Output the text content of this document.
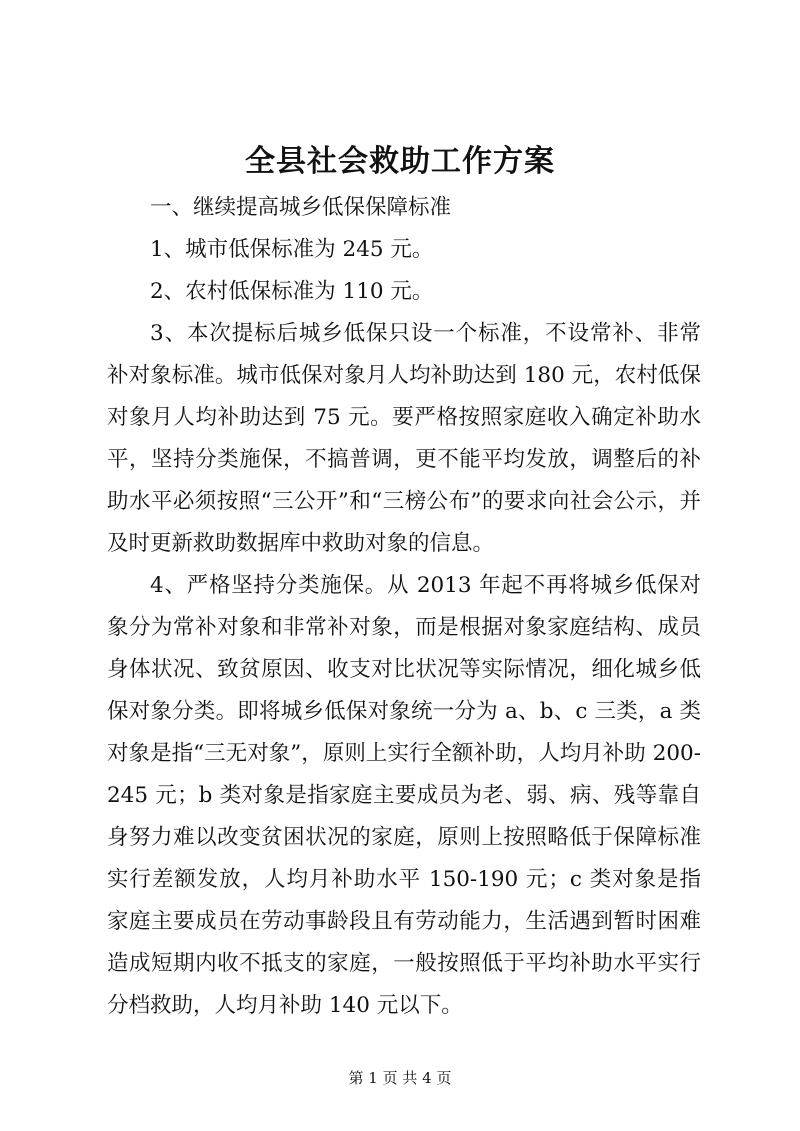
全县社会救助工作方案

一、继续提高城乡低保保障标准

1、城市低保标准为 245 元。

2、农村低保标准为 110 元。

3、本次提标后城乡低保只设一个标准，不设常补、非常补对象标准。城市低保对象月人均补助达到 180 元，农村低保对象月人均补助达到 75 元。要严格按照家庭收入确定补助水平，坚持分类施保，不搞普调，更不能平均发放，调整后的补助水平必须按照“三公开”和“三榜公布”的要求向社会公示，并及时更新救助数据库中救助对象的信息。

4、严格坚持分类施保。从 2013 年起不再将城乡低保对象分为常补对象和非常补对象，而是根据对象家庭结构、成员身体状况、致贫原因、收支对比状况等实际情况，细化城乡低保对象分类。即将城乡低保对象统一分为 a、b、c 三类，a 类对象是指“三无对象”，原则上实行全额补助，人均月补助 200-245 元；b 类对象是指家庭主要成员为老、弱、病、残等靠自身努力难以改变贫困状况的家庭，原则上按照略低于保障标准实行差额发放，人均月补助水平 150-190 元；c 类对象是指家庭主要成员在劳动事龄段且有劳动能力，生活遇到暂时困难造成短期内收不抵支的家庭，一般按照低于平均补助水平实行分档救助，人均月补助 140 元以下。

第 1 页 共 4 页
